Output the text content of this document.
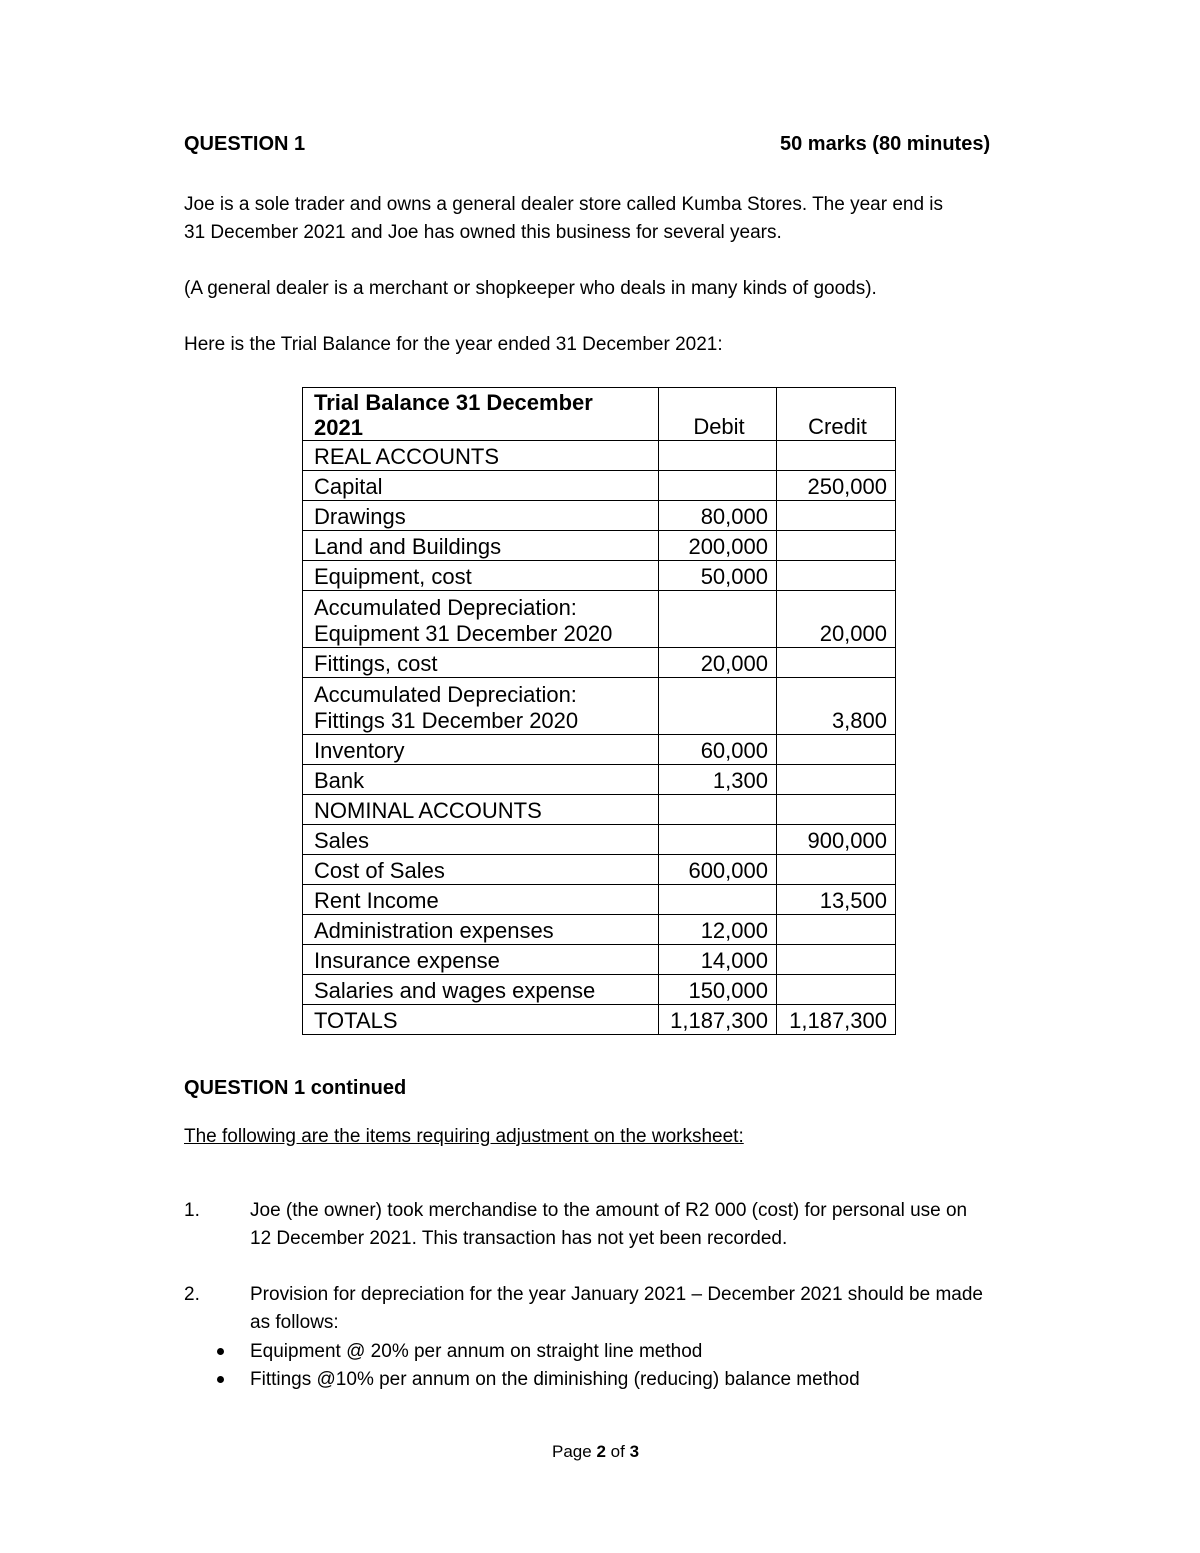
QUESTION 1	50 marks (80 minutes)
Joe is a sole trader and owns a general dealer store called Kumba Stores. The year end is
31 December 2021 and Joe has owned this business for several years.
(A general dealer is a merchant or shopkeeper who deals in many kinds of goods).
Here is the Trial Balance for the year ended 31 December 2021:
Trial Balance 31 December
2021	Debit	Credit
REAL ACCOUNTS		
Capital		250,000
Drawings	80,000	
Land and Buildings	200,000	
Equipment, cost	50,000	
Accumulated Depreciation:
Equipment 31 December 2020		20,000
Fittings, cost	20,000	
Accumulated Depreciation:
Fittings 31 December 2020		3,800
Inventory	60,000	
Bank	1,300	
NOMINAL ACCOUNTS		
Sales		900,000
Cost of Sales	600,000	
Rent Income		13,500
Administration expenses	12,000	
Insurance expense	14,000	
Salaries and wages expense	150,000	
TOTALS	1,187,300	1,187,300
QUESTION 1 continued
The following are the items requiring adjustment on the worksheet:
1.	Joe (the owner) took merchandise to the amount of R2 000 (cost) for personal use on
12 December 2021. This transaction has not yet been recorded.
2.	Provision for depreciation for the year January 2021 – December 2021 should be made
as follows:
Equipment @ 20% per annum on straight line method
Fittings @10% per annum on the diminishing (reducing) balance method
Page 2 of 3
